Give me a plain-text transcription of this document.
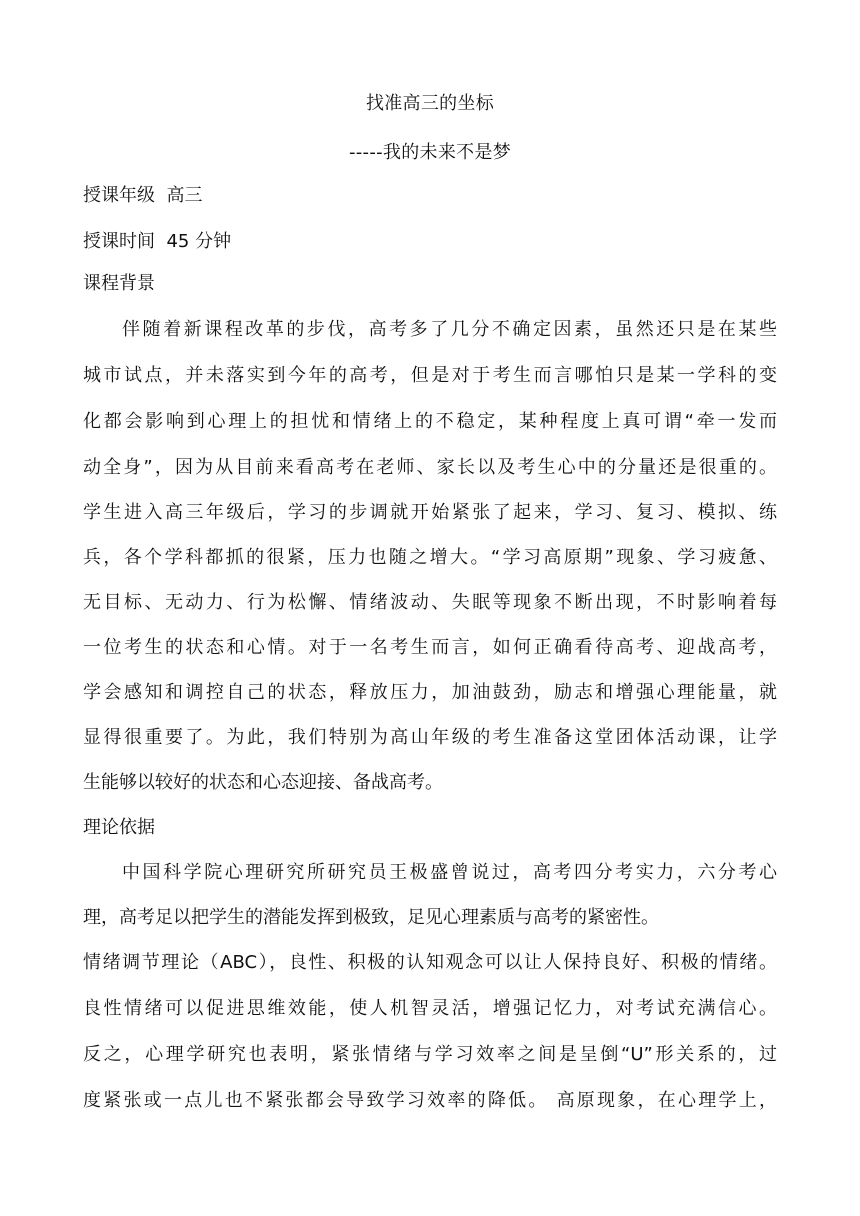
找准高三的坐标
-----我的未来不是梦
授课年级 高三
授课时间 45 分钟
课程背景
伴随着新课程改革的步伐，高考多了几分不确定因素，虽然还只是在某些
城市试点，并未落实到今年的高考，但是对于考生而言哪怕只是某一学科的变
化都会影响到心理上的担忧和情绪上的不稳定，某种程度上真可谓“牵一发而
动全身”，因为从目前来看高考在老师、家长以及考生心中的分量还是很重的。
学生进入高三年级后，学习的步调就开始紧张了起来，学习、复习、模拟、练
兵，各个学科都抓的很紧，压力也随之增大。“学习高原期”现象、学习疲惫、
无目标、无动力、行为松懈、情绪波动、失眠等现象不断出现，不时影响着每
一位考生的状态和心情。对于一名考生而言，如何正确看待高考、迎战高考，
学会感知和调控自己的状态，释放压力，加油鼓劲，励志和增强心理能量，就
显得很重要了。为此，我们特别为高山年级的考生准备这堂团体活动课，让学
生能够以较好的状态和心态迎接、备战高考。
理论依据
中国科学院心理研究所研究员王极盛曾说过，高考四分考实力，六分考心
理，高考足以把学生的潜能发挥到极致，足见心理素质与高考的紧密性。
情绪调节理论（ABC），良性、积极的认知观念可以让人保持良好、积极的情绪。
良性情绪可以促进思维效能，使人机智灵活，增强记忆力，对考试充满信心。
反之，心理学研究也表明，紧张情绪与学习效率之间是呈倒“U”形关系的，过
度紧张或一点儿也不紧张都会导致学习效率的降低。 高原现象，在心理学上，
